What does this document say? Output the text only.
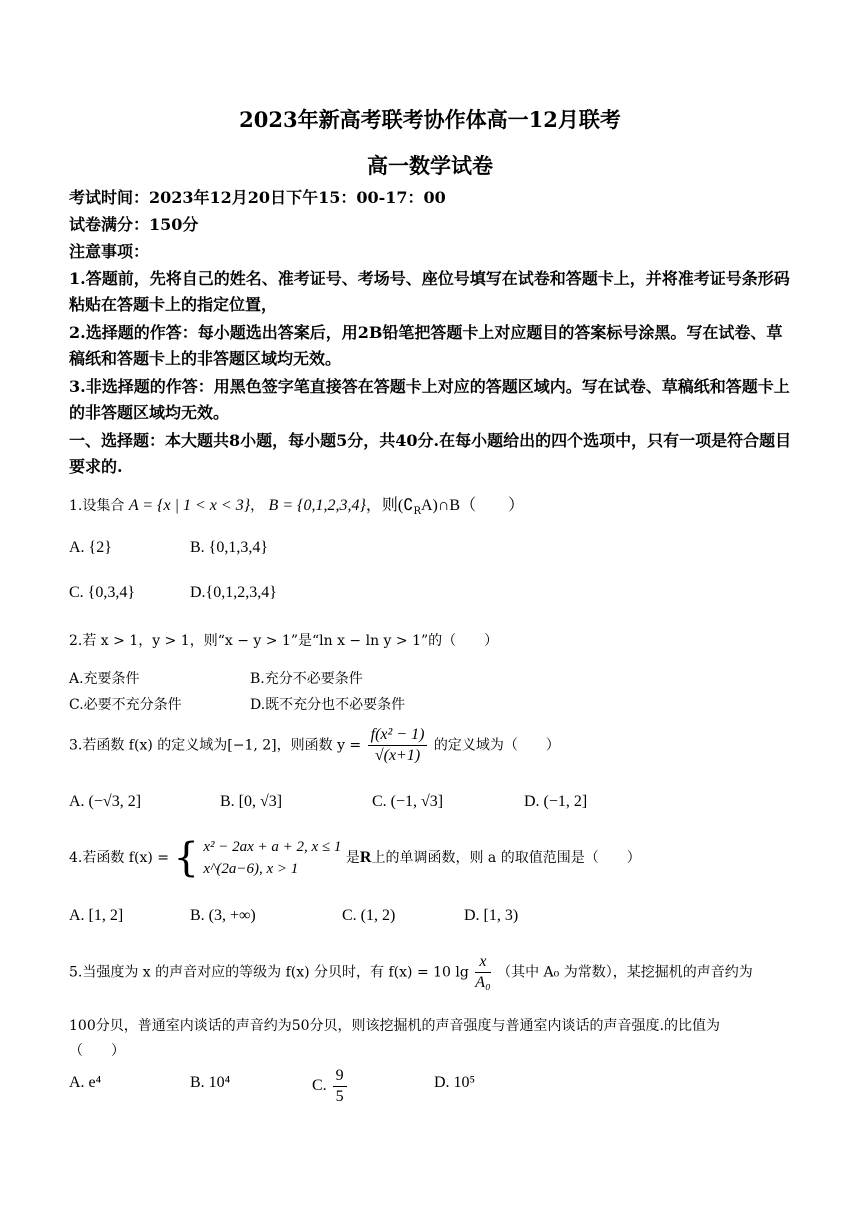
2023年新高考联考协作体高一12月联考
高一数学试卷
考试时间：2023年12月20日下午15：00-17：00
试卷满分：150分
注意事项：
1.答题前，先将自己的姓名、准考证号、考场号、座位号填写在试卷和答题卡上，并将准考证号条形码粘贴在答题卡上的指定位置，
2.选择题的作答：每小题选出答案后，用2B铅笔把答题卡上对应题目的答案标号涂黑。写在试卷、草稿纸和答题卡上的非答题区域均无效。
3.非选择题的作答：用黑色签字笔直接答在答题卡上对应的答题区域内。写在试卷、草稿纸和答题卡上的非答题区域均无效。
一、选择题：本大题共8小题，每小题5分，共40分.在每小题给出的四个选项中，只有一项是符合题目要求的.
1.设集合 A = {x | 1 < x < 3}， B = {0,1,2,3,4}，则$(∁_RA)\cap B$（　　）
A. {2}	B. {0,1,3,4}
C. {0,3,4}	D.{0,1,2,3,4}
2.若 x > 1，y > 1，则“x − y > 1”是“ln x − ln y > 1”的（　　）
A.充要条件	B.充分不必要条件
C.必要不充分条件	D.既不充分也不必要条件
3.若函数 f(x) 的定义域为[−1, 2]，则函数 $y = \frac{\text{f(x² − 1)}}{√(x+1)}$ 的定义域为（　　）
A. (−√3, 2]	B. [0, √3]	C. (−1, √3]	D. (−1, 2]
4.若函数 f(x) = { x² − 2ax + a + 2, x ≤ 1
x^(2a−6), x > 1
是R上的单调函数，则 a 的取值范围是（　　）
A. [1, 2]	B. (3, +∞)	C. (1, 2)	D. [1, 3)
5.当强度为 x 的声音对应的等级为 f(x) 分贝时，有 f(x) = 10 $\lg \frac{x}{\text{A₀}}$ （其中 A₀ 为常数），某挖掘机的声音约为
100分贝，普通室内谈话的声音约为50分贝，则该挖掘机的声音强度与普通室内谈话的声音强度.的比值为
（　　）
A. e⁴	B. 10⁴	C. $\frac{9}{5}$	D. 10⁵
